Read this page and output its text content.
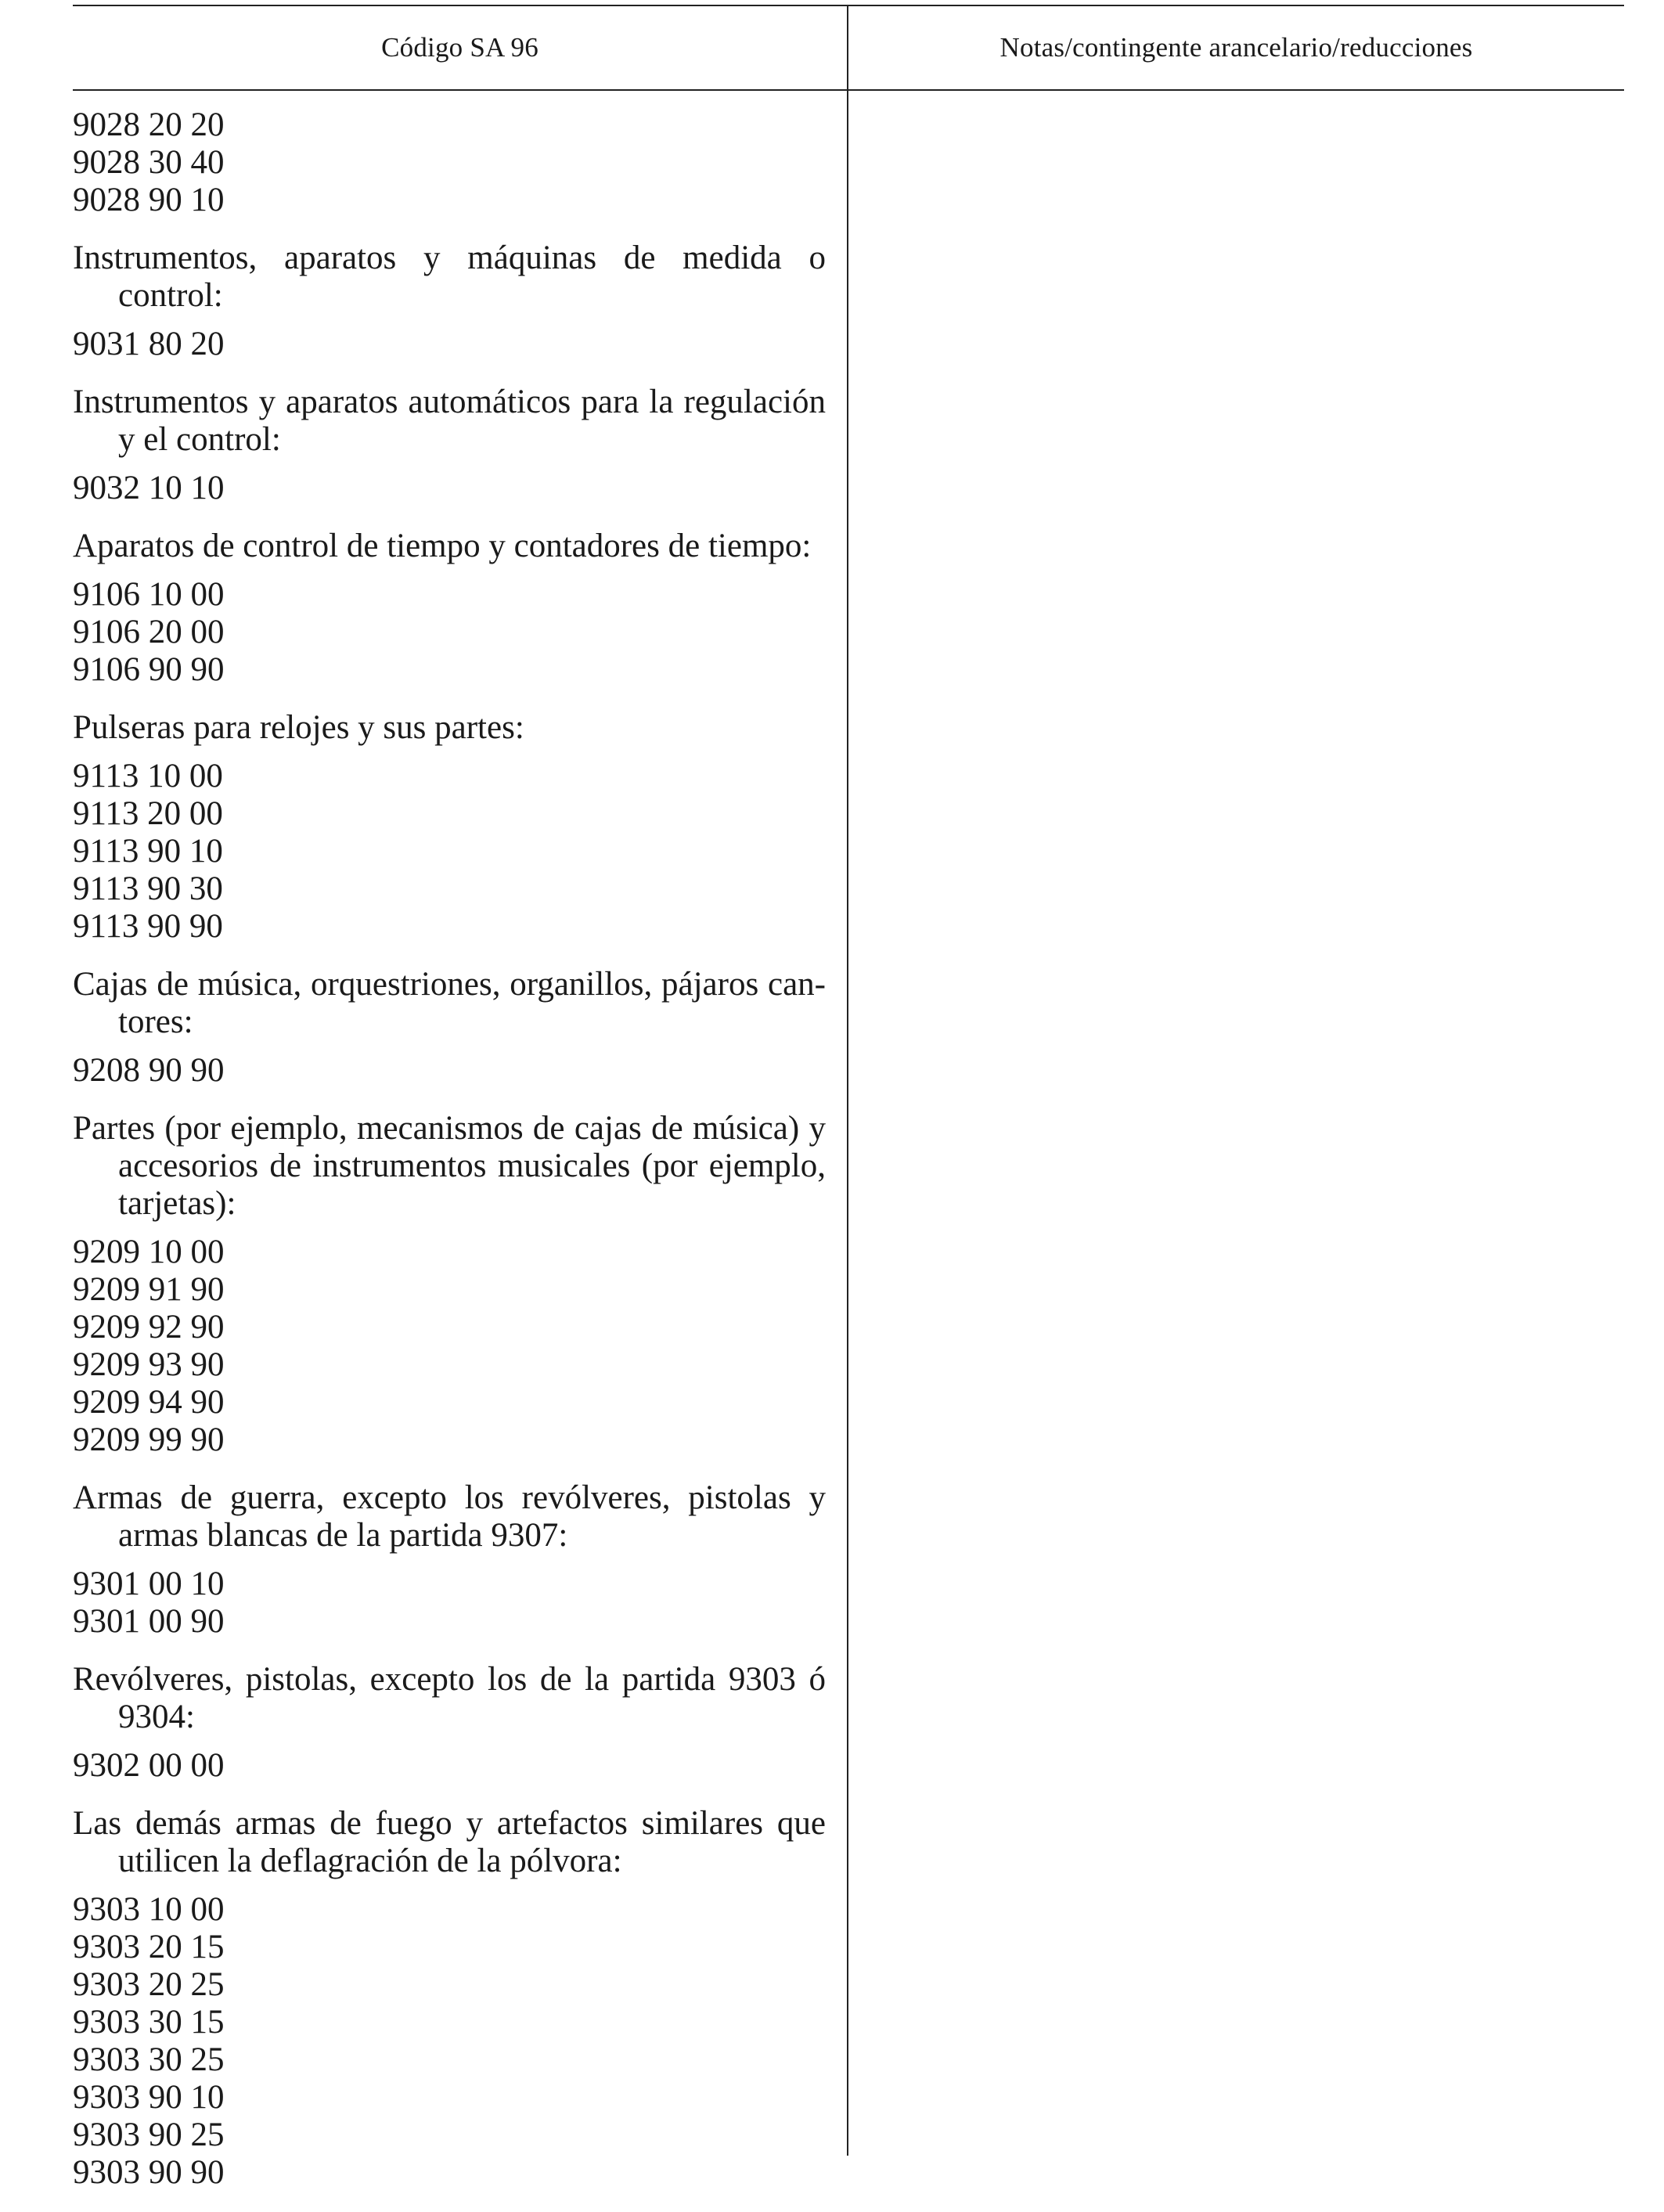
Código SA 96	Notas/contingente arancelario/reducciones

9028 20 20

9028 30 40

9028 90 10

Instrumentos, aparatos y máquinas de medida o control:

9031 80 20

Instrumentos y aparatos automáticos para la regulación y el control:

9032 10 10

Aparatos de control de tiempo y contadores de tiempo:

9106 10 00

9106 20 00

9106 90 90

Pulseras para relojes y sus partes:

9113 10 00

9113 20 00

9113 90 10

9113 90 30

9113 90 90

Cajas de música, orquestriones, organillos, pájaros cantores:

9208 90 90

Partes (por ejemplo, mecanismos de cajas de música) y accesorios de instrumentos musicales (por ejemplo, tarjetas):

9209 10 00

9209 91 90

9209 92 90

9209 93 90

9209 94 90

9209 99 90

Armas de guerra, excepto los revólveres, pistolas y armas blancas de la partida 9307:

9301 00 10

9301 00 90

Revólveres, pistolas, excepto los de la partida 9303 ó 9304:

9302 00 00

Las demás armas de fuego y artefactos similares que utilicen la deflagración de la pólvora:

9303 10 00

9303 20 15

9303 20 25

9303 30 15

9303 30 25

9303 90 10

9303 90 25

9303 90 90
